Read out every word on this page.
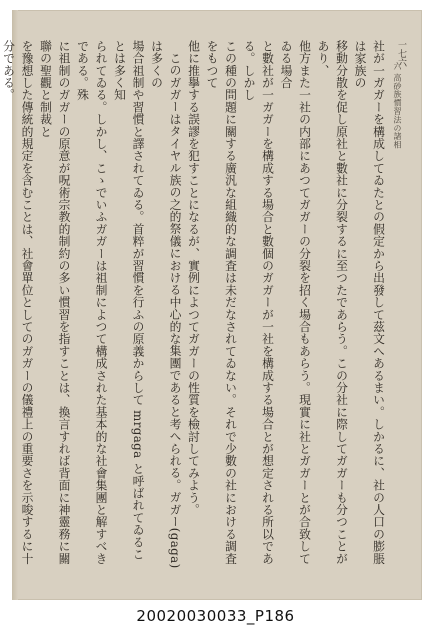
一七六

六 高砂族慣習法の諸相

社が一ガガーを構成してゐたとの假定から出發して茲文へあるまい。しかるに、社の人口の膨脹は家族の

移動分散を促し原社と數社に分裂するに至つたであらう。この分社に際してガガーも分つことがあり、

他方また一社の内部にあつてガガーの分裂を招く場合もあらう。現實に社とガガーとが合致してゐる場合

と數社が一ガガーを構成する場合と數個のガガーが一社を構成する場合とが想定される所以である。しかし

この種の問題に關する廣汎な組織的な調査は未だなされてゐない。それで少數の社における調査をもつて

他に推擧する誤謬を犯すことになるが、實例によつてガガーの性質を檢討してみよう。

このガガーはタイヤル族の之的祭儀における中心的な集團であると考へられる。ガガー(gaga)は多くの

場合祖制や習慣と譯されてゐる。首粹が習慣を行ふの原義からして mrgaga と呼ばれてゐることは多く知

られてゐる。しかし、こゝでいふガガーは祖制によつて構成された基本的な社會集團と解すべきである。殊

に祖制のガガーの原意が呪術宗教的制約の多い慣習を指すことは、換言すれば背面に神靈務に關聯の聖觀と制裁と

を豫想した傳統的規定を含むことは、社會單位としてのガガーの儀禮上の重要さを示唆するに十分である。

20020030033_P186
